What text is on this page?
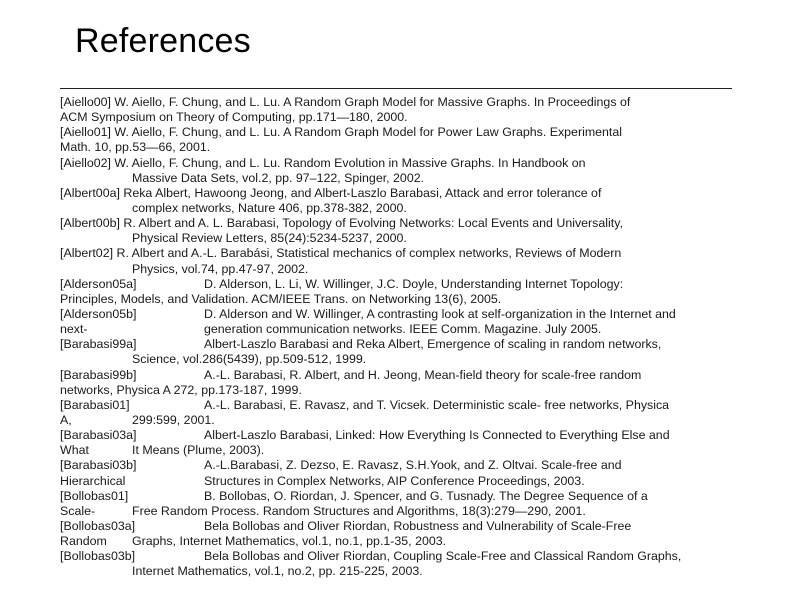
References
[Aiello00] W. Aiello, F. Chung, and L. Lu. A Random Graph Model for Massive Graphs. In Proceedings of
ACM Symposium on Theory of Computing, pp.171—180, 2000.
[Aiello01] W. Aiello, F. Chung, and L. Lu. A Random Graph Model for Power Law Graphs. Experimental
Math. 10, pp.53—66, 2001.
[Aiello02] W. Aiello, F. Chung, and L. Lu. Random Evolution in Massive Graphs. In Handbook on
Massive Data Sets, vol.2, pp. 97–122, Spinger, 2002.
[Albert00a] Reka Albert, Hawoong Jeong, and Albert-Laszlo Barabasi, Attack and error tolerance of
complex networks, Nature 406, pp.378-382, 2000.
[Albert00b] R. Albert and A. L. Barabasi, Topology of Evolving Networks: Local Events and Universality,
Physical Review Letters, 85(24):5234-5237, 2000.
[Albert02] R. Albert and A.-L. Barabási, Statistical mechanics of complex networks, Reviews of Modern
Physics, vol.74, pp.47-97, 2002.
[Alderson05a]	D. Alderson, L. Li, W. Willinger, J.C. Doyle, Understanding Internet Topology:
Principles, Models, and Validation. ACM/IEEE Trans. on Networking 13(6), 2005.
[Alderson05b]	D. Alderson and W. Willinger, A contrasting look at self-organization in the Internet and
next-	generation communication networks. IEEE Comm. Magazine. July 2005.
[Barabasi99a]	Albert-Laszlo Barabasi and Reka Albert, Emergence of scaling in random networks,
Science, vol.286(5439), pp.509-512, 1999.
[Barabasi99b]	A.-L. Barabasi, R. Albert, and H. Jeong, Mean-field theory for scale-free random
networks, Physica A 272, pp.173-187, 1999.
[Barabasi01]	A.-L. Barabasi, E. Ravasz, and T. Vicsek. Deterministic scale- free networks, Physica
A,	299:599, 2001.
[Barabasi03a]	Albert-Laszlo Barabasi, Linked: How Everything Is Connected to Everything Else and
What	It Means (Plume, 2003).
[Barabasi03b]	A.-L.Barabasi, Z. Dezso, E. Ravasz, S.H.Yook, and Z. Oltvai. Scale-free and
Hierarchical	Structures in Complex Networks, AIP Conference Proceedings, 2003.
[Bollobas01]	B. Bollobas, O. Riordan, J. Spencer, and G. Tusnady. The Degree Sequence of a
Scale-	Free Random Process. Random Structures and Algorithms, 18(3):279—290, 2001.
[Bollobas03a]	Bela Bollobas and Oliver Riordan, Robustness and Vulnerability of Scale-Free
Random Graphs, Internet Mathematics, vol.1, no.1, pp.1-35, 2003.
[Bollobas03b]	Bela Bollobas and Oliver Riordan, Coupling Scale-Free and Classical Random Graphs,
Internet Mathematics, vol.1, no.2, pp. 215-225, 2003.
